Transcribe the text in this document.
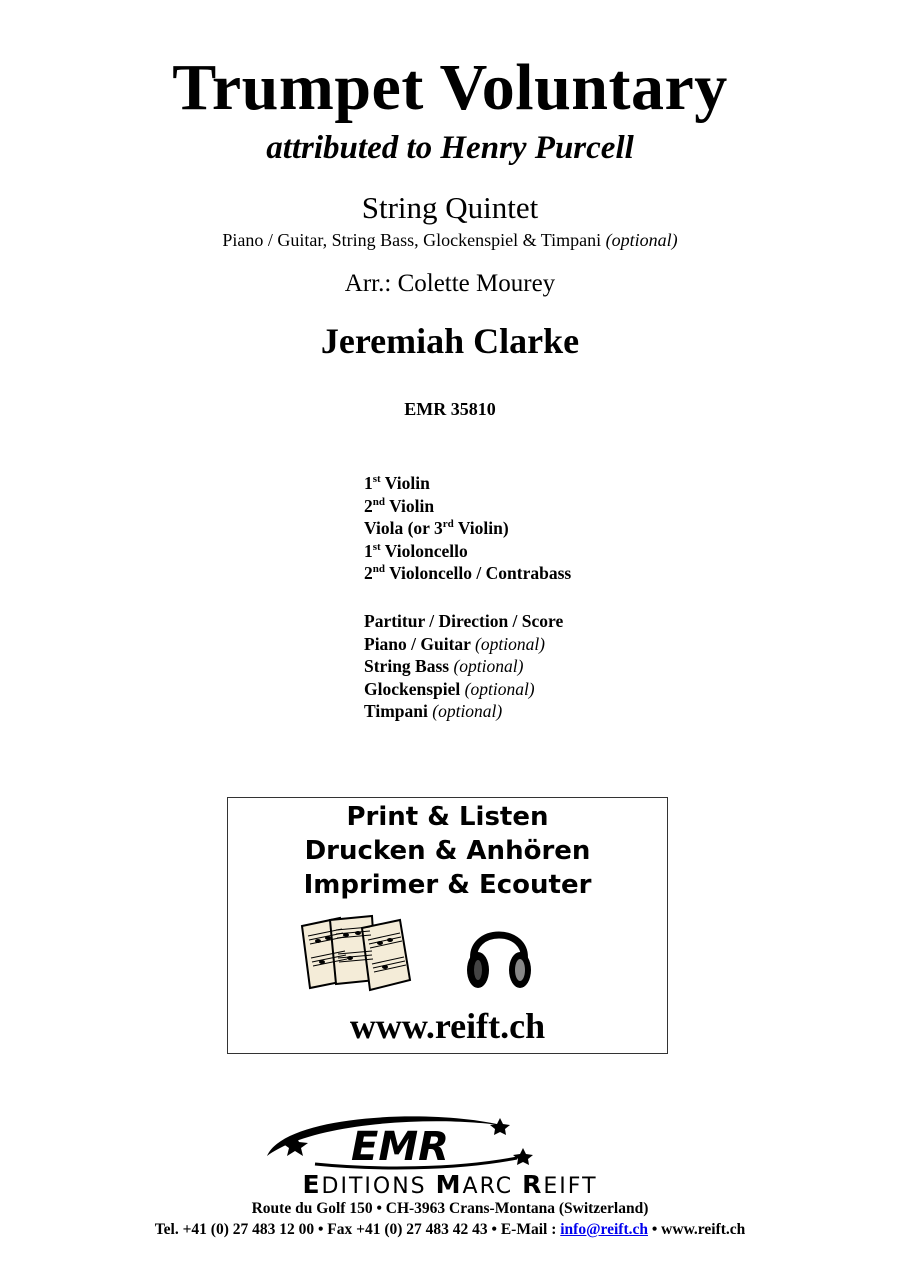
Trumpet Voluntary
attributed to Henry Purcell
String Quintet
Piano / Guitar, String Bass, Glockenspiel & Timpani (optional)
Arr.: Colette Mourey
Jeremiah Clarke
EMR 35810
1st Violin
2nd Violin
Viola (or 3rd Violin)
1st Violoncello
2nd Violoncello / Contrabass
Partitur / Direction / Score
Piano / Guitar (optional)
String Bass (optional)
Glockenspiel (optional)
Timpani (optional)
Print & Listen
Drucken & Anhören
Imprimer & Ecouter
www.reift.ch
EMR
EDITIONS MARC REIFT
Route du Golf 150 • CH-3963 Crans-Montana (Switzerland)
Tel. +41 (0) 27 483 12 00 • Fax +41 (0) 27 483 42 43 • E-Mail : info@reift.ch • www.reift.ch
